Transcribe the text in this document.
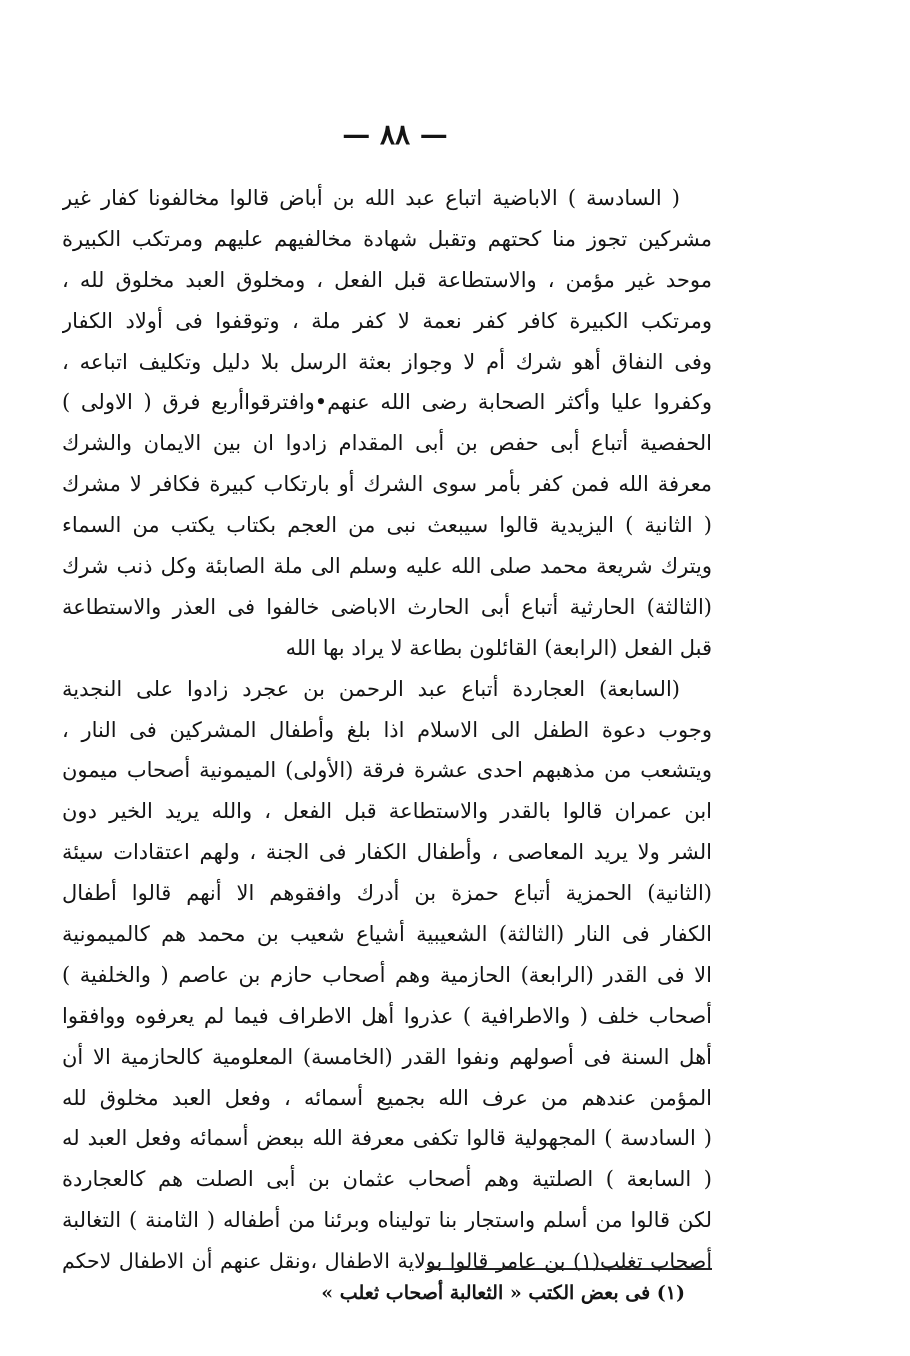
— ٨٨ —
( السادسة ) الاباضية اتباع عبد الله بن أباض قالوا مخالفونا كفار غير
مشركين تجوز منا كحتهم وتقبل شهادة مخالفيهم عليهم ومرتكب الكبيرة
موحد غير مؤمن ، والاستطاعة قبل الفعل ، ومخلوق العبد مخلوق لله ،
ومرتكب الكبيرة كافر كفر نعمة لا كفر ملة ، وتوقفوا فى أولاد الكفار
وفى النفاق أهو شرك أم لا وجواز بعثة الرسل بلا دليل وتكليف اتباعه ،
وكفروا عليا وأكثر الصحابة رضى الله عنهم•وافترقواأربع فرق ( الاولى )
الحفصية أتباع أبى حفص بن أبى المقدام زادوا ان بين الايمان والشرك
معرفة الله فمن كفر بأمر سوى الشرك أو بارتكاب كبيرة فكافر لا مشرك
( الثانية ) اليزيدية قالوا سيبعث نبى من العجم بكتاب يكتب من السماء
ويترك شريعة محمد صلى الله عليه وسلم الى ملة الصابئة وكل ذنب شرك
(الثالثة) الحارثية أتباع أبى الحارث الاباضى خالفوا فى العذر والاستطاعة
قبل الفعل (الرابعة) القائلون بطاعة لا يراد بها الله
(السابعة) العجاردة أتباع عبد الرحمن بن عجرد زادوا على النجدية
وجوب دعوة الطفل الى الاسلام اذا بلغ وأطفال المشركين فى النار ،
ويتشعب من مذهبهم احدى عشرة فرقة (الأولى) الميمونية أصحاب ميمون
ابن عمران قالوا بالقدر والاستطاعة قبل الفعل ، والله يريد الخير دون
الشر ولا يريد المعاصى ، وأطفال الكفار فى الجنة ، ولهم اعتقادات سيئة
(الثانية) الحمزية أتباع حمزة بن أدرك وافقوهم الا أنهم قالوا أطفال
الكفار فى النار (الثالثة) الشعيبية أشياع شعيب بن محمد هم كالميمونية
الا فى القدر (الرابعة) الحازمية وهم أصحاب حازم بن عاصم ( والخلفية )
أصحاب خلف ( والاطرافية ) عذروا أهل الاطراف فيما لم يعرفوه ووافقوا
أهل السنة فى أصولهم ونفوا القدر (الخامسة) المعلومية كالحازمية الا أن
المؤمن عندهم من عرف الله بجميع أسمائه ، وفعل العبد مخلوق لله
( السادسة ) المجهولية قالوا تكفى معرفة الله ببعض أسمائه وفعل العبد له
( السابعة ) الصلتية وهم أصحاب عثمان بن أبى الصلت هم كالعجاردة
لكن قالوا من أسلم واستجار بنا توليناه وبرئنا من أطفاله ( الثامنة ) التغالبة
أصحاب تغلب(١) بن عامر قالوا بولاية الاطفال ،ونقل عنهم أن الاطفال لاحكم
(١) فى بعض الكتب « الثعالبة أصحاب ثعلب »
